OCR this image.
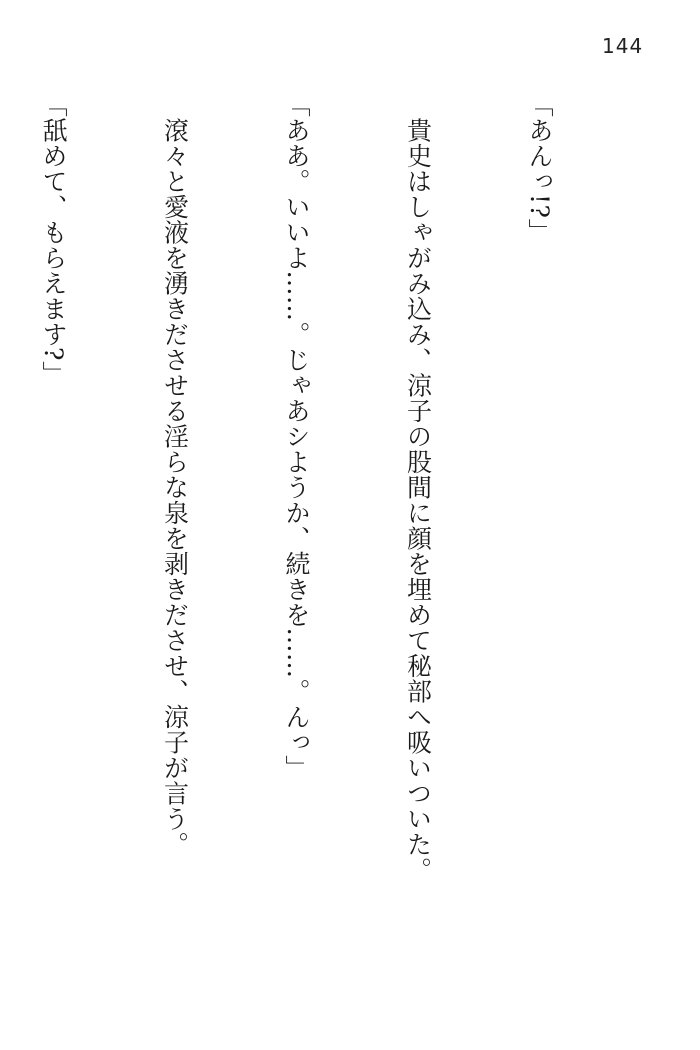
144

「あんっ!?」

　貴史はしゃがみ込み、涼子の股間に顔を埋めて秘部へ吸いついた。

「ああ。いいよ……。じゃあシようか、続きを……。んっ」

　滾々と愛液を湧きださせる淫らな泉を剥きださせ、涼子が言う。

「舐めて、もらえます?」
